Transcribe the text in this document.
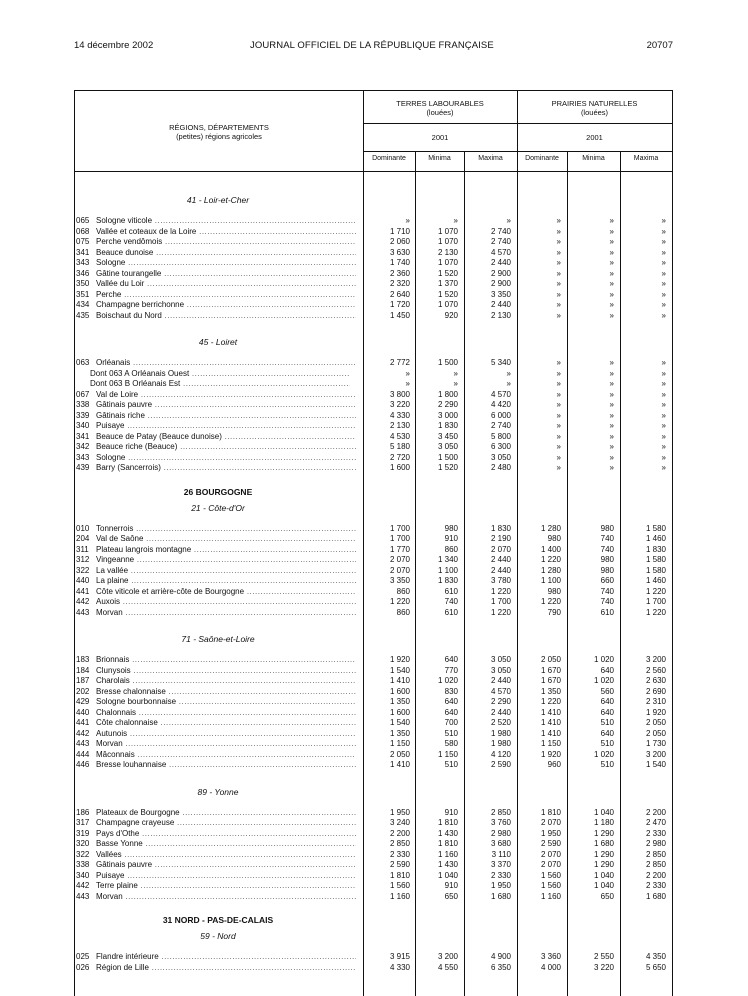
14 décembre 2002	JOURNAL OFFICIEL DE LA RÉPUBLIQUE FRANÇAISE	20707
RÉGIONS, DÉPARTEMENTS
(petites) régions agricoles
TERRES LABOURABLES
(louées)
PRAIRIES NATURELLES
(louées)
2001	2001
Dominante	Minima	Maxima	Dominante	Minima	Maxima
41 - Loir-et-Cher
065 Sologne viticole .....	»	»	»	»	»	»
068 Vallée et coteaux de la Loire .....	1 710	1 070	2 740	»	»	»
075 Perche vendômois .....	2 060	1 070	2 740	»	»	»
341 Beauce dunoise .....	3 630	2 130	4 570	»	»	»
343 Sologne .....	1 740	1 070	2 440	»	»	»
346 Gâtine tourangelle .....	2 360	1 520	2 900	»	»	»
350 Vallée du Loir .....	2 320	1 370	2 900	»	»	»
351 Perche .....	2 640	1 520	3 350	»	»	»
434 Champagne berrichonne .....	1 720	1 070	2 440	»	»	»
435 Boischaut du Nord .....	1 450	920	2 130	»	»	»
45 - Loiret
063 Orléanais .....	2 772	1 500	5 340	»	»	»
Dont 063 A Orléanais Ouest .....	»	»	»	»	»	»
Dont 063 B Orléanais Est .....	»	»	»	»	»	»
067 Val de Loire .....	3 800	1 800	4 570	»	»	»
338 Gâtinais pauvre .....	3 220	2 290	4 420	»	»	»
339 Gâtinais riche .....	4 330	3 000	6 000	»	»	»
340 Puisaye .....	2 130	1 830	2 740	»	»	»
341 Beauce de Patay (Beauce dunoise) .....	4 530	3 450	5 800	»	»	»
342 Beauce riche (Beauce) .....	5 180	3 050	6 300	»	»	»
343 Sologne .....	2 720	1 500	3 050	»	»	»
439 Barry (Sancerrois) .....	1 600	1 520	2 480	»	»	»
26 BOURGOGNE
21 - Côte-d'Or
010 Tonnerrois .....	1 700	980	1 830	1 280	980	1 580
204 Val de Saône .....	1 700	910	2 190	980	740	1 460
311 Plateau langrois montagne .....	1 770	860	2 070	1 400	740	1 830
312 Vingeanne .....	2 070	1 340	2 440	1 220	980	1 580
322 La vallée .....	2 070	1 100	2 440	1 280	980	1 580
440 La plaine .....	3 350	1 830	3 780	1 100	660	1 460
441 Côte viticole et arrière-côte de Bourgogne .....	860	610	1 220	980	740	1 220
442 Auxois .....	1 220	740	1 700	1 220	740	1 700
443 Morvan .....	860	610	1 220	790	610	1 220
71 - Saône-et-Loire
183 Brionnais .....	1 920	640	3 050	2 050	1 020	3 200
184 Clunysois .....	1 540	770	3 050	1 670	640	2 560
187 Charolais .....	1 410	1 020	2 440	1 670	1 020	2 630
202 Bresse chalonnaise .....	1 600	830	4 570	1 350	560	2 690
429 Sologne bourbonnaise .....	1 350	640	2 290	1 220	640	2 310
440 Chalonnais .....	1 600	640	2 440	1 410	640	1 920
441 Côte chalonnaise .....	1 540	700	2 520	1 410	510	2 050
442 Autunois .....	1 350	510	1 980	1 410	640	2 050
443 Morvan .....	1 150	580	1 980	1 150	510	1 730
444 Mâconnais .....	2 050	1 150	4 120	1 920	1 020	3 200
446 Bresse louhannaise .....	1 410	510	2 590	960	510	1 540
89 - Yonne
186 Plateaux de Bourgogne .....	1 950	910	2 850	1 810	1 040	2 200
317 Champagne crayeuse .....	3 240	1 810	3 760	2 070	1 180	2 470
319 Pays d'Othe .....	2 200	1 430	2 980	1 950	1 290	2 330
320 Basse Yonne .....	2 850	1 810	3 680	2 590	1 680	2 980
322 Vallées .....	2 330	1 160	3 110	2 070	1 290	2 850
338 Gâtinais pauvre .....	2 590	1 430	3 370	2 070	1 290	2 850
340 Puisaye .....	1 810	1 040	2 330	1 560	1 040	2 200
442 Terre plaine .....	1 560	910	1 950	1 560	1 040	2 330
443 Morvan .....	1 160	650	1 680	1 160	650	1 680
31 NORD - PAS-DE-CALAIS
59 - Nord
025 Flandre intérieure .....	3 915	3 200	4 900	3 360	2 550	4 350
026 Région de Lille .....	4 330	4 550	6 350	4 000	3 220	5 650
